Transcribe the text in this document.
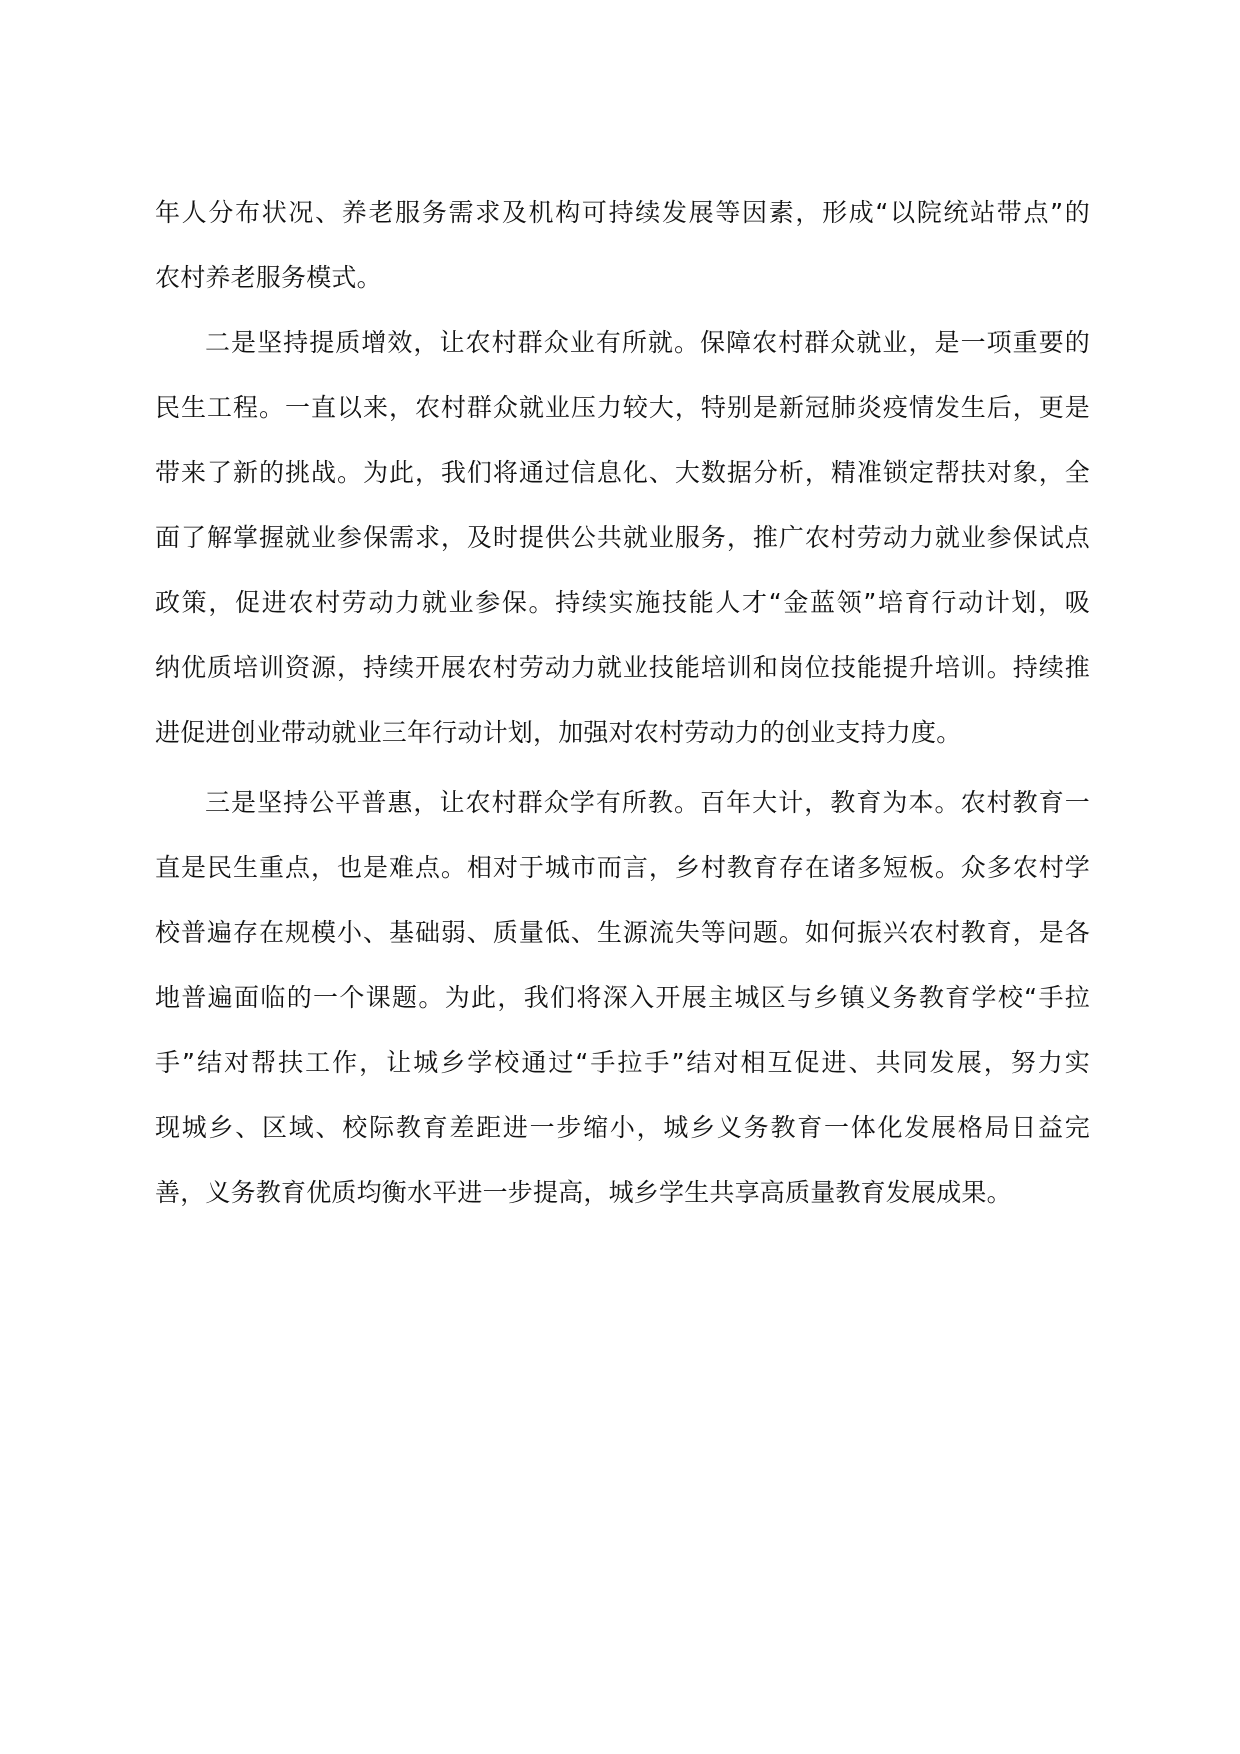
年人分布状况、养老服务需求及机构可持续发展等因素，形成“以院统站带点”的
农村养老服务模式。
二是坚持提质增效，让农村群众业有所就。保障农村群众就业，是一项重要的
民生工程。一直以来，农村群众就业压力较大，特别是新冠肺炎疫情发生后，更是
带来了新的挑战。为此，我们将通过信息化、大数据分析，精准锁定帮扶对象，全
面了解掌握就业参保需求，及时提供公共就业服务，推广农村劳动力就业参保试点
政策，促进农村劳动力就业参保。持续实施技能人才“金蓝领”培育行动计划，吸
纳优质培训资源，持续开展农村劳动力就业技能培训和岗位技能提升培训。持续推
进促进创业带动就业三年行动计划，加强对农村劳动力的创业支持力度。
三是坚持公平普惠，让农村群众学有所教。百年大计，教育为本。农村教育一
直是民生重点，也是难点。相对于城市而言，乡村教育存在诸多短板。众多农村学
校普遍存在规模小、基础弱、质量低、生源流失等问题。如何振兴农村教育，是各
地普遍面临的一个课题。为此，我们将深入开展主城区与乡镇义务教育学校“手拉
手”结对帮扶工作，让城乡学校通过“手拉手”结对相互促进、共同发展，努力实
现城乡、区域、校际教育差距进一步缩小，城乡义务教育一体化发展格局日益完
善，义务教育优质均衡水平进一步提高，城乡学生共享高质量教育发展成果。
